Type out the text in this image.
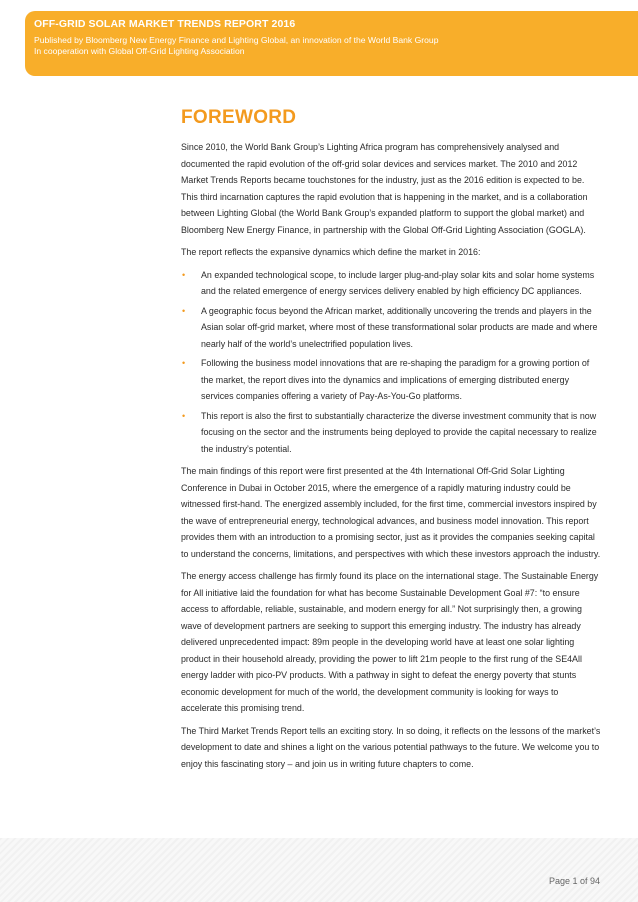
OFF-GRID SOLAR MARKET TRENDS REPORT 2016
Published by Bloomberg New Energy Finance and Lighting Global, an innovation of the World Bank Group
In cooperation with Global Off-Grid Lighting Association
FOREWORD

Since 2010, the World Bank Group’s Lighting Africa program has comprehensively analysed and documented the rapid evolution of the off-grid solar devices and services market. The 2010 and 2012 Market Trends Reports became touchstones for the industry, just as the 2016 edition is expected to be. This third incarnation captures the rapid evolution that is happening in the market, and is a collaboration between Lighting Global (the World Bank Group’s expanded platform to support the global market) and Bloomberg New Energy Finance, in partnership with the Global Off-Grid Lighting Association (GOGLA).

The report reflects the expansive dynamics which define the market in 2016:

• An expanded technological scope, to include larger plug-and-play solar kits and solar home systems and the related emergence of energy services delivery enabled by high efficiency DC appliances.
• A geographic focus beyond the African market, additionally uncovering the trends and players in the Asian solar off-grid market, where most of these transformational solar products are made and where nearly half of the world’s unelectrified population lives.
• Following the business model innovations that are re-shaping the paradigm for a growing portion of the market, the report dives into the dynamics and implications of emerging distributed energy services companies offering a variety of Pay-As-You-Go platforms.
• This report is also the first to substantially characterize the diverse investment community that is now focusing on the sector and the instruments being deployed to provide the capital necessary to realize the industry’s potential.

The main findings of this report were first presented at the 4th International Off-Grid Solar Lighting Conference in Dubai in October 2015, where the emergence of a rapidly maturing industry could be witnessed first-hand. The energized assembly included, for the first time, commercial investors inspired by the wave of entrepreneurial energy, technological advances, and business model innovation. This report provides them with an introduction to a promising sector, just as it provides the companies seeking capital to understand the concerns, limitations, and perspectives with which these investors approach the industry.

The energy access challenge has firmly found its place on the international stage. The Sustainable Energy for All initiative laid the foundation for what has become Sustainable Development Goal #7: “to ensure access to affordable, reliable, sustainable, and modern energy for all.” Not surprisingly then, a growing wave of development partners are seeking to support this emerging industry. The industry has already delivered unprecedented impact: 89m people in the developing world have at least one solar lighting product in their household already, providing the power to lift 21m people to the first rung of the SE4All energy ladder with pico-PV products. With a pathway in sight to defeat the energy poverty that stunts economic development for much of the world, the development community is looking for ways to accelerate this promising trend.

The Third Market Trends Report tells an exciting story. In so doing, it reflects on the lessons of the market’s development to date and shines a light on the various potential pathways to the future. We welcome you to enjoy this fascinating story – and join us in writing future chapters to come.

Page 1 of 94
